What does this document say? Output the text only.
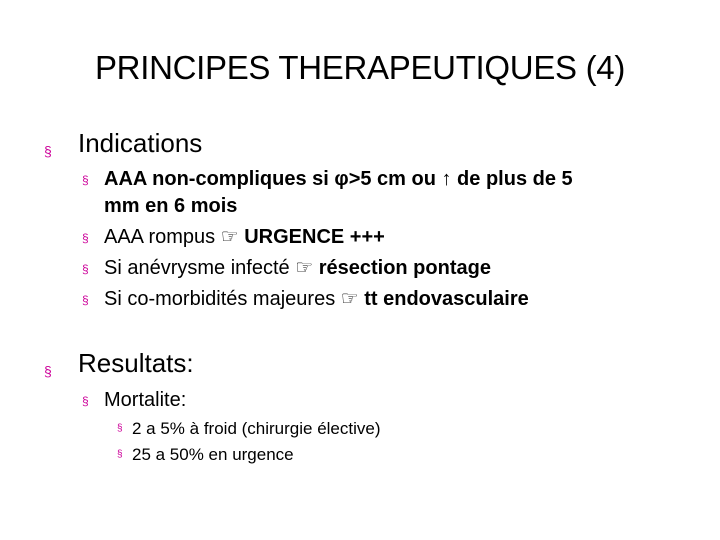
PRINCIPES THERAPEUTIQUES (4)
§ Indications
§ AAA non-compliques si φ>5 cm ou ↑ de plus de 5
mm en 6 mois
§ AAA rompus ☞ URGENCE +++
§ Si anévrysme infecté ☞ résection pontage
§ Si co-morbidités majeures ☞ tt endovasculaire
§ Resultats:
§ Mortalite:
§ 2 a 5% à froid (chirurgie élective)
§ 25 a 50% en urgence
